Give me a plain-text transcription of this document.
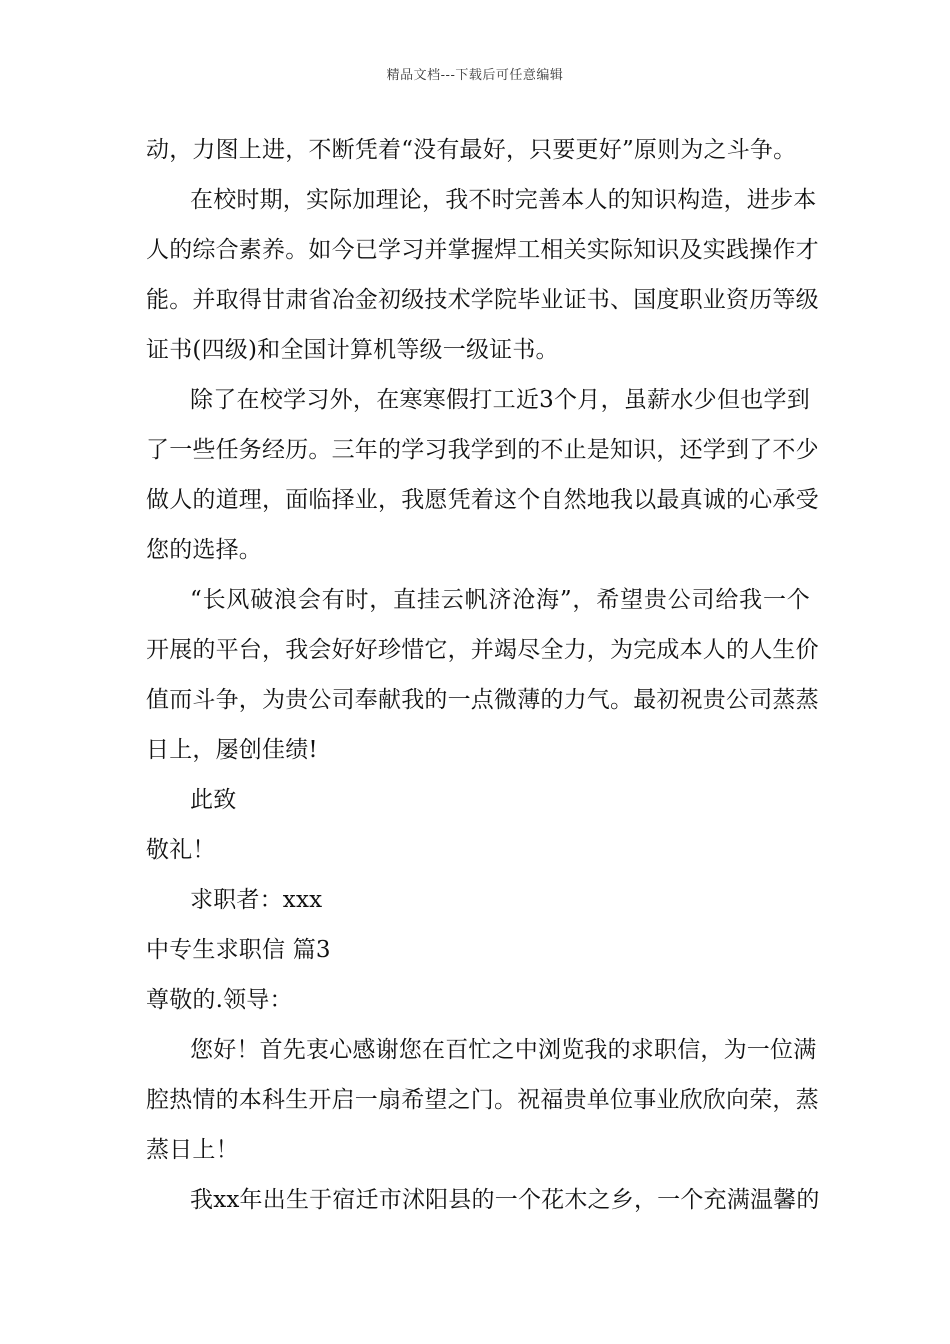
精品文档---下载后可任意编辑
动，力图上进，不断凭着“没有最好，只要更好”原则为之斗争。
在校时期，实际加理论，我不时完善本人的知识构造，进步本
人的综合素养。如今已学习并掌握焊工相关实际知识及实践操作才
能。并取得甘肃省冶金初级技术学院毕业证书、国度职业资历等级
证书(四级)和全国计算机等级一级证书。
除了在校学习外，在寒寒假打工近3个月，虽薪水少但也学到
了一些任务经历。三年的学习我学到的不止是知识，还学到了不少
做人的道理，面临择业，我愿凭着这个自然地我以最真诚的心承受
您的选择。
“长风破浪会有时，直挂云帆济沧海”，希望贵公司给我一个
开展的平台，我会好好珍惜它，并竭尽全力，为完成本人的人生价
值而斗争，为贵公司奉献我的一点微薄的力气。最初祝贵公司蒸蒸
日上，屡创佳绩!
此致
敬礼！
求职者：xxx
中专生求职信 篇3
尊敬的.领导：
您好！首先衷心感谢您在百忙之中浏览我的求职信，为一位满
腔热情的本科生开启一扇希望之门。祝福贵单位事业欣欣向荣，蒸
蒸日上！
我xx年出生于宿迁市沭阳县的一个花木之乡，一个充满温馨的
